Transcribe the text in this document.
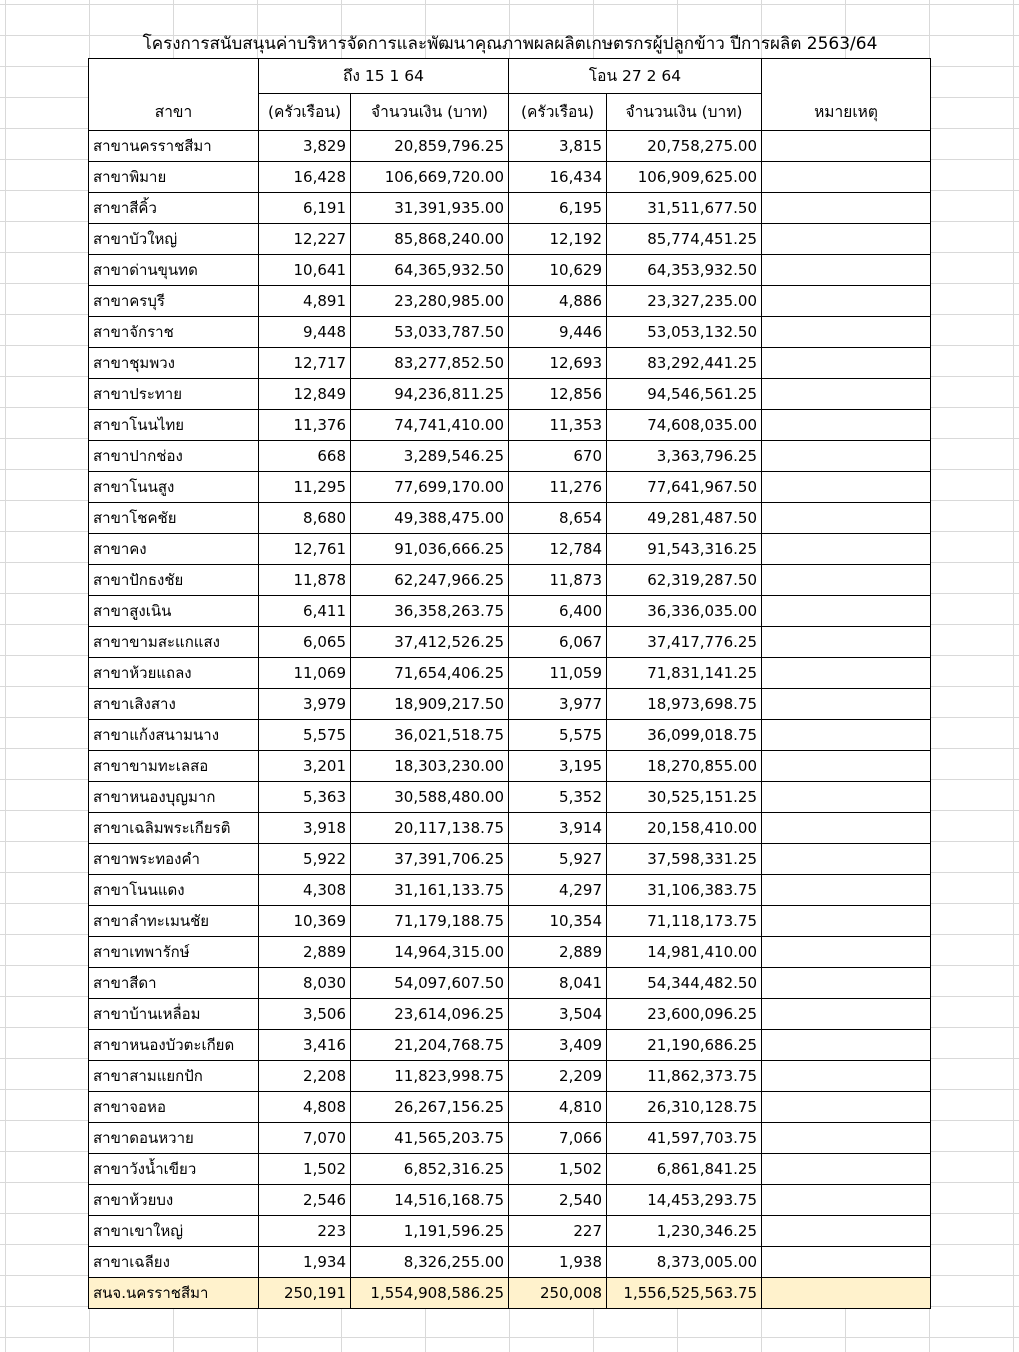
โครงการสนับสนุนค่าบริหารจัดการและพัฒนาคุณภาพผลผลิตเกษตรกรผู้ปลูกข้าว ปีการผลิต 2563/64
สาขา	ถึง 15 1 64		โอน 27 2 64		หมายเหตุ
	(ครัวเรือน)	จำนวนเงิน (บาท)	(ครัวเรือน)	จำนวนเงิน (บาท)	
สาขานครราชสีมา	3,829	20,859,796.25	3,815	20,758,275.00	
สาขาพิมาย	16,428	106,669,720.00	16,434	106,909,625.00	
สาขาสีคิ้ว	6,191	31,391,935.00	6,195	31,511,677.50	
สาขาบัวใหญ่	12,227	85,868,240.00	12,192	85,774,451.25	
สาขาด่านขุนทด	10,641	64,365,932.50	10,629	64,353,932.50	
สาขาครบุรี	4,891	23,280,985.00	4,886	23,327,235.00	
สาขาจักราช	9,448	53,033,787.50	9,446	53,053,132.50	
สาขาชุมพวง	12,717	83,277,852.50	12,693	83,292,441.25	
สาขาประทาย	12,849	94,236,811.25	12,856	94,546,561.25	
สาขาโนนไทย	11,376	74,741,410.00	11,353	74,608,035.00	
สาขาปากช่อง	668	3,289,546.25	670	3,363,796.25	
สาขาโนนสูง	11,295	77,699,170.00	11,276	77,641,967.50	
สาขาโชคชัย	8,680	49,388,475.00	8,654	49,281,487.50	
สาขาคง	12,761	91,036,666.25	12,784	91,543,316.25	
สาขาปักธงชัย	11,878	62,247,966.25	11,873	62,319,287.50	
สาขาสูงเนิน	6,411	36,358,263.75	6,400	36,336,035.00	
สาขาขามสะแกแสง	6,065	37,412,526.25	6,067	37,417,776.25	
สาขาห้วยแถลง	11,069	71,654,406.25	11,059	71,831,141.25	
สาขาเสิงสาง	3,979	18,909,217.50	3,977	18,973,698.75	
สาขาแก้งสนามนาง	5,575	36,021,518.75	5,575	36,099,018.75	
สาขาขามทะเลสอ	3,201	18,303,230.00	3,195	18,270,855.00	
สาขาหนองบุญมาก	5,363	30,588,480.00	5,352	30,525,151.25	
สาขาเฉลิมพระเกียรติ	3,918	20,117,138.75	3,914	20,158,410.00	
สาขาพระทองคำ	5,922	37,391,706.25	5,927	37,598,331.25	
สาขาโนนแดง	4,308	31,161,133.75	4,297	31,106,383.75	
สาขาลำทะเมนชัย	10,369	71,179,188.75	10,354	71,118,173.75	
สาขาเทพารักษ์	2,889	14,964,315.00	2,889	14,981,410.00	
สาขาสีดา	8,030	54,097,607.50	8,041	54,344,482.50	
สาขาบ้านเหลื่อม	3,506	23,614,096.25	3,504	23,600,096.25	
สาขาหนองบัวตะเกียด	3,416	21,204,768.75	3,409	21,190,686.25	
สาขาสามแยกปัก	2,208	11,823,998.75	2,209	11,862,373.75	
สาขาจอหอ	4,808	26,267,156.25	4,810	26,310,128.75	
สาขาดอนหวาย	7,070	41,565,203.75	7,066	41,597,703.75	
สาขาวังน้ำเขียว	1,502	6,852,316.25	1,502	6,861,841.25	
สาขาห้วยบง	2,546	14,516,168.75	2,540	14,453,293.75	
สาขาเขาใหญ่	223	1,191,596.25	227	1,230,346.25	
สาขาเฉลียง	1,934	8,326,255.00	1,938	8,373,005.00	
สนจ.นครราชสีมา	250,191	1,554,908,586.25	250,008	1,556,525,563.75	
